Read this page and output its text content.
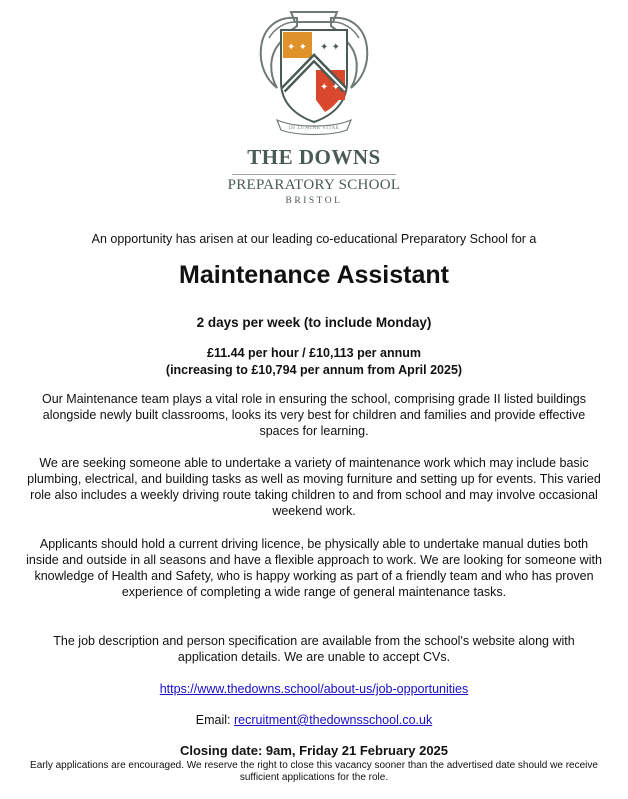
✦ ✦ ✦ ✦
✦ ✦
IN LUMINE VITAE
THE DOWNS
PREPARATORY SCHOOL
BRISTOL

An opportunity has arisen at our leading co-educational Preparatory School for a

Maintenance Assistant

2 days per week (to include Monday)

£11.44 per hour / £10,113 per annum
(increasing to £10,794 per annum from April 2025)

Our Maintenance team plays a vital role in ensuring the school, comprising grade II listed buildings alongside newly built classrooms, looks its very best for children and families and provide effective spaces for learning.

We are seeking someone able to undertake a variety of maintenance work which may include basic plumbing, electrical, and building tasks as well as moving furniture and setting up for events. This varied role also includes a weekly driving route taking children to and from school and may involve occasional weekend work.

Applicants should hold a current driving licence, be physically able to undertake manual duties both inside and outside in all seasons and have a flexible approach to work. We are looking for someone with knowledge of Health and Safety, who is happy working as part of a friendly team and who has proven experience of completing a wide range of general maintenance tasks.

The job description and person specification are available from the school's website along with application details. We are unable to accept CVs.

https://www.thedowns.school/about-us/job-opportunities

Email: recruitment@thedownsschool.co.uk

Closing date: 9am, Friday 21 February 2025

Early applications are encouraged. We reserve the right to close this vacancy sooner than the advertised date should we receive sufficient applications for the role.
